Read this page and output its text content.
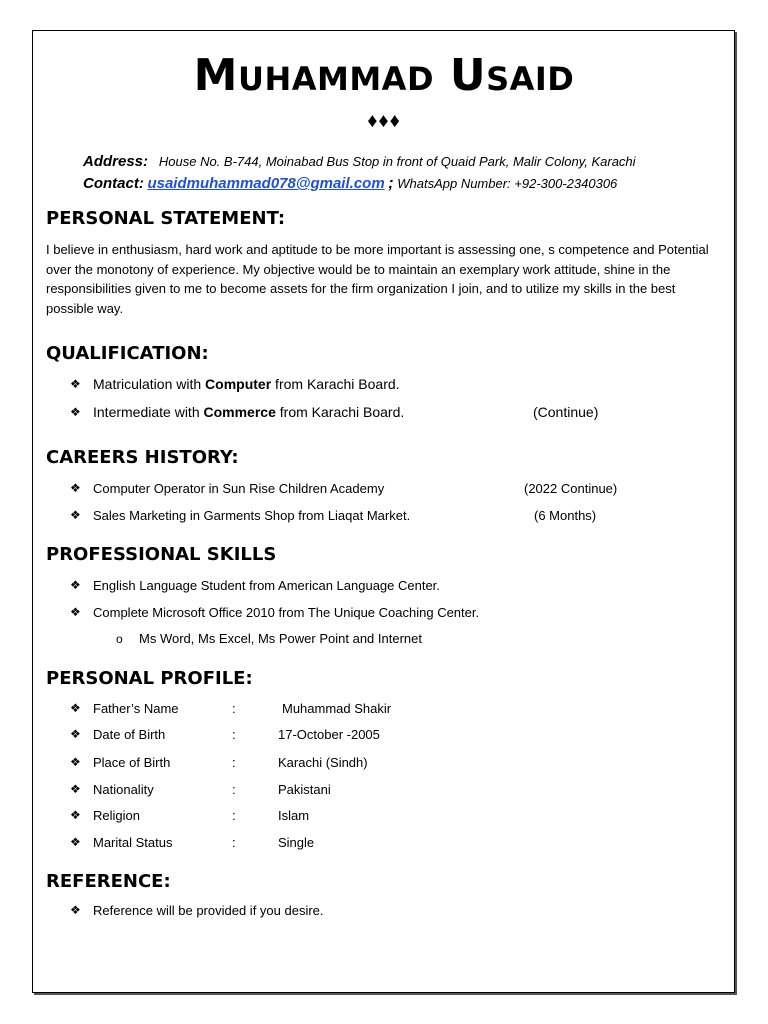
MUHAMMAD USAID
♦♦♦
Address: House No. B-744, Moinabad Bus Stop in front of Quaid Park, Malir Colony, Karachi
Contact: usaidmuhammad078@gmail.com ; WhatsApp Number: +92-300-2340306
PERSONAL STATEMENT:
I believe in enthusiasm, hard work and aptitude to be more important is assessing one, s competence and Potential over the monotony of experience. My objective would be to maintain an exemplary work attitude, shine in the responsibilities given to me to become assets for the firm organization I join, and to utilize my skills in the best possible way.
QUALIFICATION:
❖ Matriculation with Computer from Karachi Board.
❖ Intermediate with Commerce from Karachi Board.	(Continue)
CAREERS HISTORY:
❖ Computer Operator in Sun Rise Children Academy	(2022 Continue)
❖ Sales Marketing in Garments Shop from Liaqat Market.	(6 Months)
PROFESSIONAL SKILLS
❖ English Language Student from American Language Center.
❖ Complete Microsoft Office 2010 from The Unique Coaching Center.
o Ms Word, Ms Excel, Ms Power Point and Internet
PERSONAL PROFILE:
❖ Father’s Name	:	Muhammad Shakir
❖ Date of Birth	:	17-October -2005
❖ Place of Birth	:	Karachi (Sindh)
❖ Nationality	:	Pakistani
❖ Religion	:	Islam
❖ Marital Status	:	Single
REFERENCE:
❖ Reference will be provided if you desire.
